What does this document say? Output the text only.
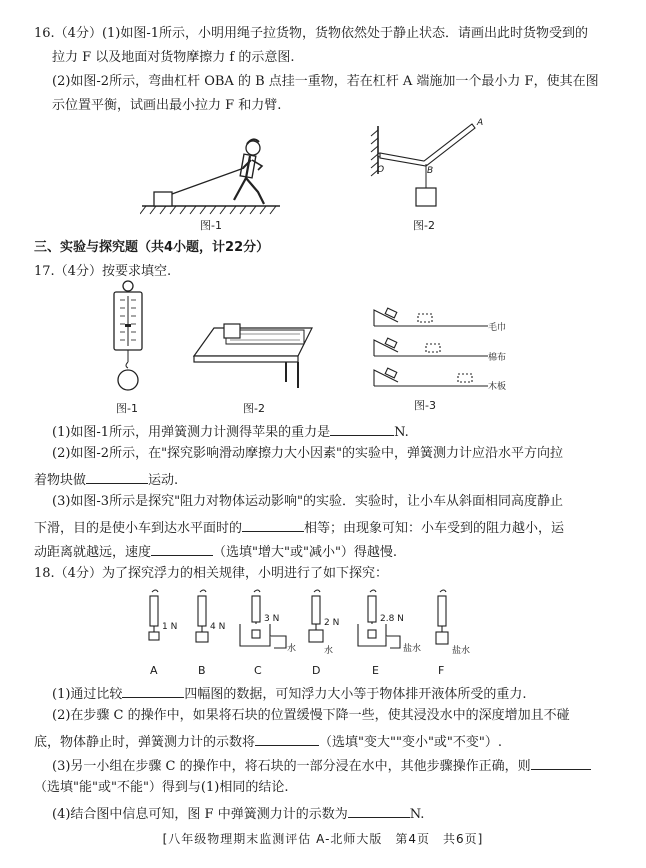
16.（4分）(1)如图-1所示，小明用绳子拉货物，货物依然处于静止状态．请画出此时货物受到的
拉力 F 以及地面对货物摩擦力 f 的示意图.
(2)如图-2所示，弯曲杠杆 OBA 的 B 点挂一重物，若在杠杆 A 端施加一个最小力 F，使其在图
示位置平衡，试画出最小拉力 F 和力臂.
图-1
O	B
A
图-2
三、实验与探究题（共4小题，计22分）
17.（4分）按要求填空.
图-1	图-2
毛巾
棉布
木板
图-3
(1)如图-1所示，用弹簧测力计测得苹果的重力是	N.
(2)如图-2所示，在"探究影响滑动摩擦力大小因素"的实验中，弹簧测力计应沿水平方向拉
着物块做	运动.
(3)如图-3所示是探究"阻力对物体运动影响"的实验．实验时，让小车从斜面相同高度静止
下滑，目的是使小车到达水平面时的	相等；由现象可知：小车受到的阻力越小，运
动距离就越远，速度	（选填"增大"或"减小"）得越慢.
18.（4分）为了探究浮力的相关规律，小明进行了如下探究：
1 N	4 N
3 N	2 N	2.8 N
水	水	盐水	盐水
A	B	C	D	E	F
(1)通过比较	四幅图的数据，可知浮力大小等于物体排开液体所受的重力.
(2)在步骤 C 的操作中，如果将石块的位置缓慢下降一些，使其浸没水中的深度增加且不碰
底，物体静止时，弹簧测力计的示数将	（选填"变大""变小"或"不变"）.
(3)另一小组在步骤 C 的操作中，将石块的一部分浸在水中，其他步骤操作正确，则
（选填"能"或"不能"）得到与(1)相同的结论.
(4)结合图中信息可知，图 F 中弹簧测力计的示数为	N.
[八年级物理期末监测评估 A-北师大版　第4页　共6页]
